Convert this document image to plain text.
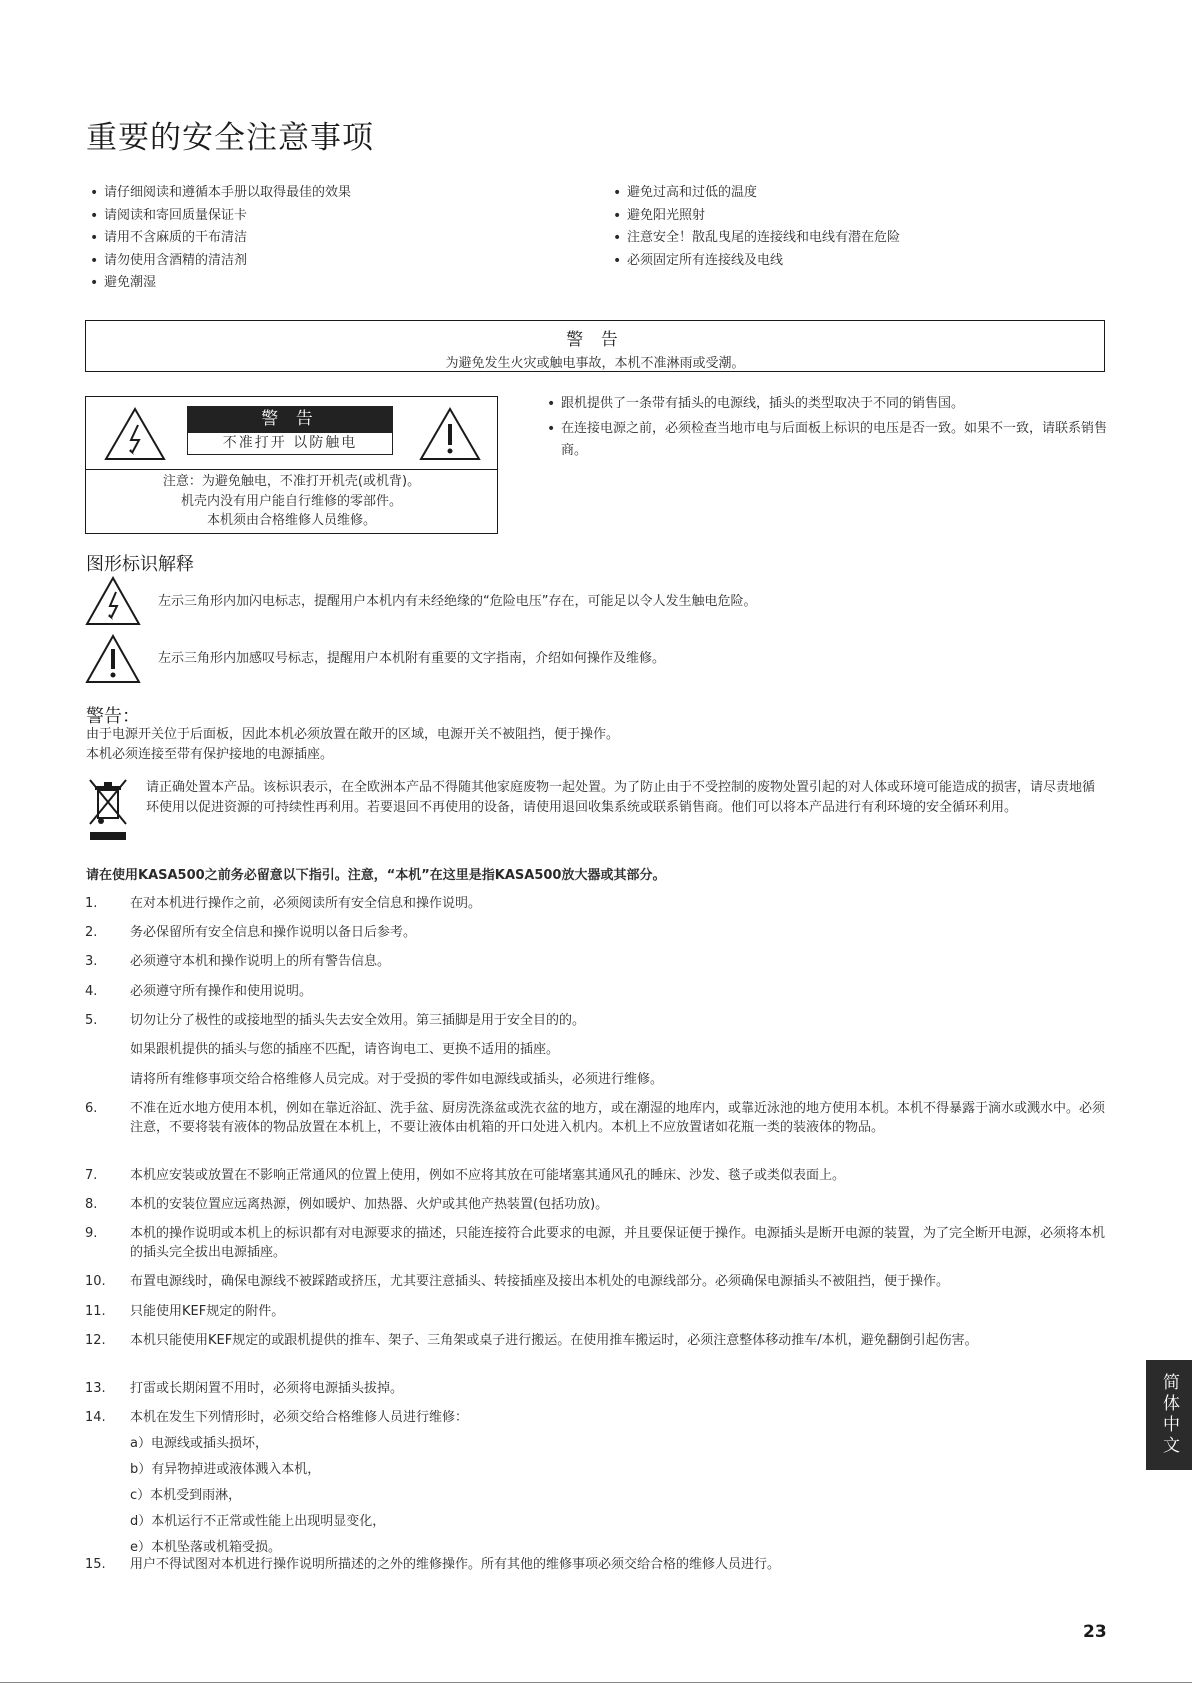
重要的安全注意事项
• 请仔细阅读和遵循本手册以取得最佳的效果
• 请阅读和寄回质量保证卡
• 请用不含麻质的干布清洁
• 请勿使用含酒精的清洁剂
• 避免潮湿
• 避免过高和过低的温度
• 避免阳光照射
• 注意安全！散乱曳尾的连接线和电线有潜在危险
• 必须固定所有连接线及电线
警 告
为避免发生火灾或触电事故，本机不准淋雨或受潮。
警 告
不准打开 以防触电
注意：为避免触电，不准打开机壳(或机背)。
机壳内没有用户能自行维修的零部件。
本机须由合格维修人员维修。
• 跟机提供了一条带有插头的电源线，插头的类型取决于不同的销售国。
• 在连接电源之前，必须检查当地市电与后面板上标识的电压是否一致。如果不一致，请联系销售商。
图形标识解释
左示三角形内加闪电标志，提醒用户本机内有未经绝缘的“危险电压”存在，可能足以令人发生触电危险。
左示三角形内加感叹号标志，提醒用户本机附有重要的文字指南，介绍如何操作及维修。
警告：
由于电源开关位于后面板，因此本机必须放置在敞开的区域，电源开关不被阻挡，便于操作。
本机必须连接至带有保护接地的电源插座。
请正确处置本产品。该标识表示，在全欧洲本产品不得随其他家庭废物一起处置。为了防止由于不受控制的废物处置引起的对人体或环境可能造成的损害，请尽责地循环使用以促进资源的可持续性再利用。若要退回不再使用的设备，请使用退回收集系统或联系销售商。他们可以将本产品进行有利环境的安全循环利用。
请在使用KASA500之前务必留意以下指引。注意，“本机”在这里是指KASA500放大器或其部分。
1.	在对本机进行操作之前，必须阅读所有安全信息和操作说明。
2.	务必保留所有安全信息和操作说明以备日后参考。
3.	必须遵守本机和操作说明上的所有警告信息。
4.	必须遵守所有操作和使用说明。
5.	切勿让分了极性的或接地型的插头失去安全效用。第三插脚是用于安全目的的。
如果跟机提供的插头与您的插座不匹配，请咨询电工、更换不适用的插座。
请将所有维修事项交给合格维修人员完成。对于受损的零件如电源线或插头，必须进行维修。
6.	不准在近水地方使用本机，例如在靠近浴缸、洗手盆、厨房洗涤盆或洗衣盆的地方，或在潮湿的地库内，或靠近泳池的地方使用本机。本机不得暴露于滴水或溅水中。必须注意，不要将装有液体的物品放置在本机上，不要让液体由机箱的开口处进入机内。本机上不应放置诸如花瓶一类的装液体的物品。
7.	本机应安装或放置在不影响正常通风的位置上使用，例如不应将其放在可能堵塞其通风孔的睡床、沙发、毯子或类似表面上。
8.	本机的安装位置应远离热源，例如暖炉、加热器、火炉或其他产热装置(包括功放)。
9.	本机的操作说明或本机上的标识都有对电源要求的描述，只能连接符合此要求的电源，并且要保证便于操作。电源插头是断开电源的装置，为了完全断开电源，必须将本机的插头完全拔出电源插座。
10.	布置电源线时，确保电源线不被踩踏或挤压，尤其要注意插头、转接插座及接出本机处的电源线部分。必须确保电源插头不被阻挡，便于操作。
11.	只能使用KEF规定的附件。
12.	本机只能使用KEF规定的或跟机提供的推车、架子、三角架或桌子进行搬运。在使用推车搬运时，必须注意整体移动推车/本机，避免翻倒引起伤害。
13.	打雷或长期闲置不用时，必须将电源插头拔掉。
14.	本机在发生下列情形时，必须交给合格维修人员进行维修：
a）电源线或插头损坏，
b）有异物掉进或液体溅入本机，
c）本机受到雨淋，
d）本机运行不正常或性能上出现明显变化，
e）本机坠落或机箱受损。
15.	用户不得试图对本机进行操作说明所描述的之外的维修操作。所有其他的维修事项必须交给合格的维修人员进行。
简体中文
23
